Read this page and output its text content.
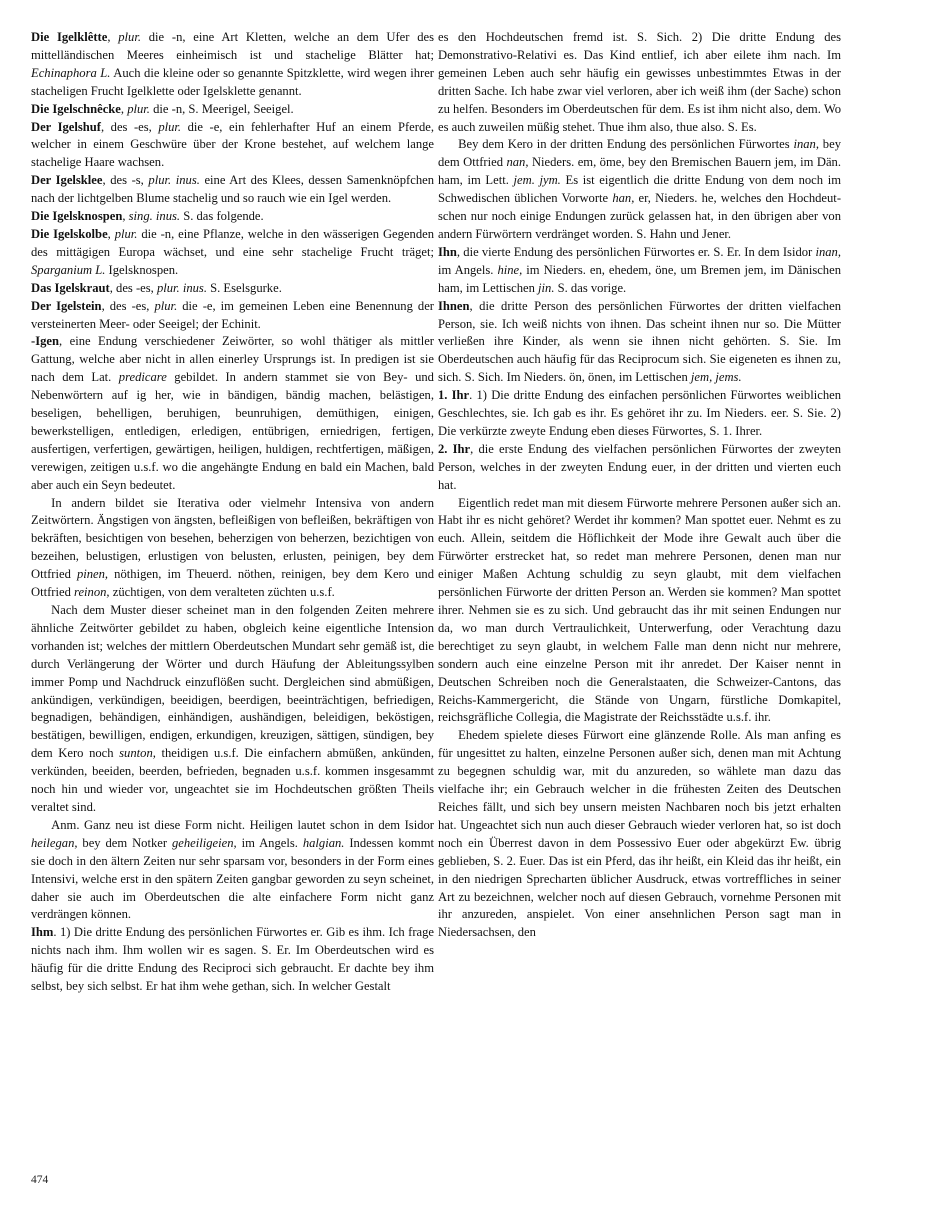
Die Igelklêtte, plur. die -n, eine Art Kletten, welche an dem Ufer des mittelländischen Meeres einheimisch ist und stachelige Blätter hat; Echinaphora L. Auch die kleine oder so genannte Spitzklette, wird wegen ihrer stacheligen Frucht Igelklette oder Igelsklette genannt.

Die Igelschnêcke, plur. die -n, S. Meerigel, Seeigel.

Der Igelshuf, des -es, plur. die -e, ein fehlerhafter Huf an einem Pferde, welcher in einem Geschwüre über der Krone bestehet, auf welchem lange stachelige Haare wachsen.

Der Igelsklee, des -s, plur. inus. eine Art des Klees, dessen Samenknöpfchen nach der lichtgelben Blume stachelig und so rauch wie ein Igel werden.

Die Igelsknospen, sing. inus. S. das folgende.

Die Igelskolbe, plur. die -n, eine Pflanze, welche in den wässerigen Gegenden des mittägigen Europa wächset, und eine sehr stachelige Frucht träget; Sparganium L. Igelsknospen.

Das Igelskraut, des -es, plur. inus. S. Eselsgurke.

Der Igelstein, des -es, plur. die -e, im gemeinen Leben eine Benennung der versteinerten Meer- oder Seeigel; der Echinit.

-Igen, eine Endung verschiedener Zeiwörter, so wohl thätiger als mittler Gattung, welche aber nicht in allen einerley Ursprungs ist. In predigen ist sie nach dem Lat. predicare gebildet. In andern stammet sie von Bey- und Nebenwörtern auf ig her, wie in bändigen, bändig machen, belästigen, beseligen, behelligen, beruhigen, beunruhigen, demüthigen, einigen, bewerkstelligen, entledigen, erledigen, entübrigen, erniedrigen, fertigen, ausfertigen, verfertigen, gewärtigen, heiligen, huldigen, rechtfertigen, mäßigen, verewigen, zeitigen u.s.f. wo die angehängte Endung en bald ein Machen, bald aber auch ein Seyn bedeutet.

In andern bildet sie Iterativa oder vielmehr Intensiva von andern Zeitwörtern. Ängstigen von ängsten, befleißigen von befleißen, bekräftigen von bekräften, besichtigen von besehen, beherzigen von beherzen, bezichtigen von bezeihen, belustigen, erlustigen von belusten, erlusten, peinigen, bey dem Ottfried pinen, nöthigen, im Theuerd. nöthen, reinigen, bey dem Kero und Ottfried reinon, züchtigen, von dem veralteten züchten u.s.f.

Nach dem Muster dieser scheinet man in den folgenden Zeiten mehrere ähnliche Zeitwörter gebildet zu haben, obgleich keine eigentliche Intension vorhanden ist; welches der mittlern Oberdeutschen Mundart sehr gemäß ist, die durch Verlängerung der Wörter und durch Häufung der Ableitungssylben immer Pomp und Nachdruck einzuflößen sucht. Dergleichen sind abmüßigen, ankündigen, verkündigen, beeidigen, beerdigen, beeinträchtigen, befriedigen, begnadigen, behändigen, einhändigen, aushändigen, beleidigen, beköstigen, bestätigen, bewilligen, endigen, erkundigen, kreuzigen, sättigen, sündigen, bey dem Kero noch sunton, theidigen u.s.f. Die einfachern abmüßen, ankünden, verkünden, beeiden, beerden, befrieden, begnaden u.s.f. kommen insgesammt noch hin und wieder vor, ungeachtet sie im Hochdeutschen größten Theils veraltet sind.

Anm. Ganz neu ist diese Form nicht. Heiligen lautet schon in dem Isidor heilegan, bey dem Notker geheiligeien, im Angels. halgian. Indessen kommt sie doch in den ältern Zeiten nur sehr sparsam vor, besonders in der Form eines Intensivi, welche erst in den spätern Zeiten gangbar geworden zu seyn scheinet, daher sie auch im Oberdeutschen die alte einfachere Form nicht ganz verdrängen können.

Ihm. 1) Die dritte Endung des persönlichen Fürwortes er. Gib es ihm. Ich frage nichts nach ihm. Ihm wollen wir es sagen. S. Er. Im Oberdeutschen wird es häufig für die dritte Endung des Reciproci sich gebraucht. Er dachte bey ihm selbst, bey sich selbst. Er hat ihm wehe gethan, sich. In welcher Gestalt

es den Hochdeutschen fremd ist. S. Sich. 2) Die dritte Endung des Demonstrativo-Relativi es. Das Kind entlief, ich aber eilete ihm nach. Im gemeinen Leben auch sehr häufig ein gewisses unbestimmtes Etwas in der dritten Sache. Ich habe zwar viel verloren, aber ich weiß ihm (der Sache) schon zu helfen. Besonders im Oberdeutschen für dem. Es ist ihm nicht also, dem. Wo es auch zuweilen müßig stehet. Thue ihm also, thue also. S. Es.

Bey dem Kero in der dritten Endung des persönlichen Fürwortes inan, bey dem Ottfried nan, Nieders. em, öme, bey den Bremischen Bauern jem, im Dän. ham, im Lett. jem. jym. Es ist eigentlich die dritte Endung von dem noch im Schwedischen üblichen Vorworte han, er, Nieders. he, welches den Hochdeutschen nur noch einige Endungen zurück gelassen hat, in den übrigen aber von andern Fürwörtern verdränget worden. S. Hahn und Jener.

Ihn, die vierte Endung des persönlichen Fürwortes er. S. Er. In dem Isidor inan, im Angels. hine, im Nieders. en, ehedem, öne, um Bremen jem, im Dänischen ham, im Lettischen jin. S. das vorige.

Ihnen, die dritte Person des persönlichen Fürwortes der dritten vielfachen Person, sie. Ich weiß nichts von ihnen. Das scheint ihnen nur so. Die Mütter verließen ihre Kinder, als wenn sie ihnen nicht gehörten. S. Sie. Im Oberdeutschen auch häufig für das Reciprocum sich. Sie eigeneten es ihnen zu, sich. S. Sich. Im Nieders. ön, önen, im Lettischen jem, jems.

1. Ihr. 1) Die dritte Endung des einfachen persönlichen Fürwortes weiblichen Geschlechtes, sie. Ich gab es ihr. Es gehöret ihr zu. Im Nieders. eer. S. Sie. 2) Die verkürzte zweyte Endung eben dieses Fürwortes, S. 1. Ihrer.

2. Ihr, die erste Endung des vielfachen persönlichen Fürwortes der zweyten Person, welches in der zweyten Endung euer, in der dritten und vierten euch hat.

Eigentlich redet man mit diesem Fürworte mehrere Personen außer sich an. Habt ihr es nicht gehöret? Werdet ihr kommen? Man spottet euer. Nehmt es zu euch. Allein, seitdem die Höflichkeit der Mode ihre Gewalt auch über die Fürwörter erstrecket hat, so redet man mehrere Personen, denen man nur einiger Maßen Achtung schuldig zu seyn glaubt, mit dem vielfachen persönlichen Fürworte der dritten Person an. Werden sie kommen? Man spottet ihrer. Nehmen sie es zu sich. Und gebraucht das ihr mit seinen Endungen nur da, wo man durch Vertraulichkeit, Unterwerfung, oder Verachtung dazu berechtiget zu seyn glaubt, in welchem Falle man denn nicht nur mehrere, sondern auch eine einzelne Person mit ihr anredet. Der Kaiser nennt in Deutschen Schreiben noch die Generalstaaten, die Schweizer-Cantons, das Reichs-Kammergericht, die Stände von Ungarn, fürstliche Domkapitel, reichsgräfliche Collegia, die Magistrate der Reichsstädte u.s.f. ihr.

Ehedem spielete dieses Fürwort eine glänzende Rolle. Als man anfing es für ungesittet zu halten, einzelne Personen außer sich, denen man mit Achtung zu begegnen schuldig war, mit du anzureden, so wählete man dazu das vielfache ihr; ein Gebrauch welcher in die frühesten Zeiten des Deutschen Reiches fällt, und sich bey unsern meisten Nachbaren noch bis jetzt erhalten hat. Ungeachtet sich nun auch dieser Gebrauch wieder verloren hat, so ist doch noch ein Überrest davon in dem Possessivo Euer oder abgekürzt Ew. übrig geblieben, S. 2. Euer. Das ist ein Pferd, das ihr heißt, ein Kleid das ihr heißt, ein in den niedrigen Sprecharten üblicher Ausdruck, etwas vortreffliches in seiner Art zu bezeichnen, welcher noch auf diesen Gebrauch, vornehme Personen mit ihr anzureden, anspielet. Von einer ansehnlichen Person sagt man in Niedersachsen, den

474
